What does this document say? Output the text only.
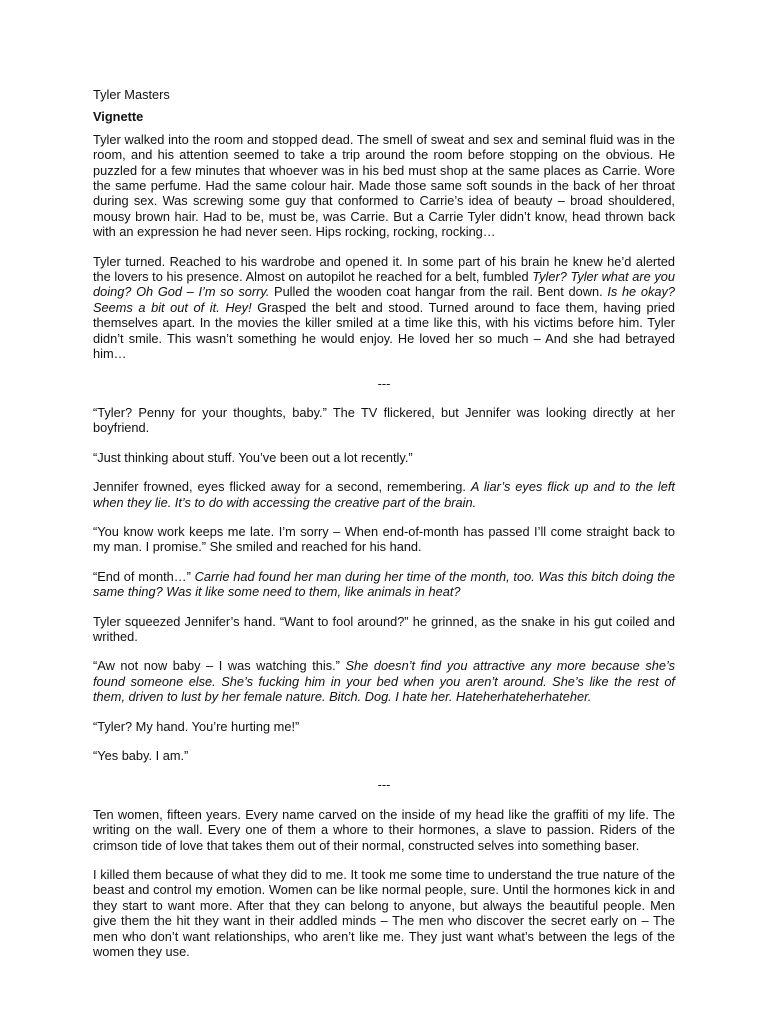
Tyler Masters
Vignette

Tyler walked into the room and stopped dead. The smell of sweat and sex and seminal fluid was in the room, and his attention seemed to take a trip around the room before stopping on the obvious. He puzzled for a few minutes that whoever was in his bed must shop at the same places as Carrie. Wore the same perfume. Had the same colour hair. Made those same soft sounds in the back of her throat during sex. Was screwing some guy that conformed to Carrie’s idea of beauty – broad shouldered, mousy brown hair. Had to be, must be, was Carrie. But a Carrie Tyler didn’t know, head thrown back with an expression he had never seen. Hips rocking, rocking, rocking…

Tyler turned. Reached to his wardrobe and opened it. In some part of his brain he knew he’d alerted the lovers to his presence. Almost on autopilot he reached for a belt, fumbled Tyler? Tyler what are you doing? Oh God – I’m so sorry. Pulled the wooden coat hangar from the rail. Bent down. Is he okay? Seems a bit out of it. Hey! Grasped the belt and stood. Turned around to face them, having pried themselves apart. In the movies the killer smiled at a time like this, with his victims before him. Tyler didn’t smile. This wasn’t something he would enjoy. He loved her so much – And she had betrayed him…

---

“Tyler? Penny for your thoughts, baby.” The TV flickered, but Jennifer was looking directly at her boyfriend.

“Just thinking about stuff. You’ve been out a lot recently.”

Jennifer frowned, eyes flicked away for a second, remembering. A liar’s eyes flick up and to the left when they lie. It’s to do with accessing the creative part of the brain.

“You know work keeps me late. I’m sorry – When end-of-month has passed I’ll come straight back to my man. I promise.” She smiled and reached for his hand.

“End of month…” Carrie had found her man during her time of the month, too. Was this bitch doing the same thing? Was it like some need to them, like animals in heat?

Tyler squeezed Jennifer’s hand. “Want to fool around?” he grinned, as the snake in his gut coiled and writhed.

“Aw not now baby – I was watching this.” She doesn’t find you attractive any more because she’s found someone else. She’s fucking him in your bed when you aren’t around. She’s like the rest of them, driven to lust by her female nature. Bitch. Dog. I hate her. Hateherhateherhateher.

“Tyler? My hand. You’re hurting me!”

“Yes baby. I am.”

---

Ten women, fifteen years. Every name carved on the inside of my head like the graffiti of my life. The writing on the wall. Every one of them a whore to their hormones, a slave to passion. Riders of the crimson tide of love that takes them out of their normal, constructed selves into something baser.

I killed them because of what they did to me. It took me some time to understand the true nature of the beast and control my emotion. Women can be like normal people, sure. Until the hormones kick in and they start to want more. After that they can belong to anyone, but always the beautiful people. Men give them the hit they want in their addled minds – The men who discover the secret early on – The men who don’t want relationships, who aren’t like me. They just want what’s between the legs of the women they use.
